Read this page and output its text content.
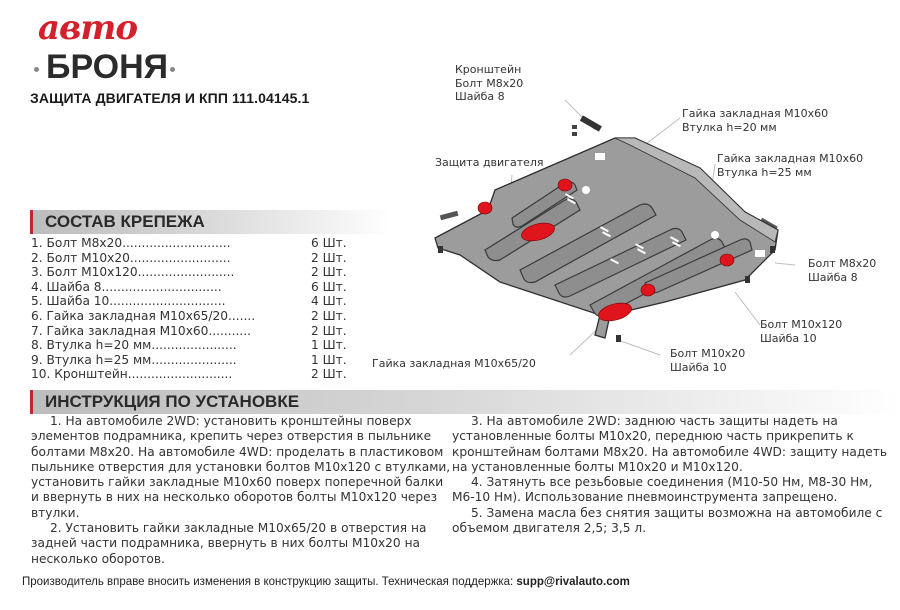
авто
БРОНЯ
ЗАЩИТА ДВИГАТЕЛЯ И КПП 111.04145.1
СОСТАВ КРЕПЕЖА
1. Болт М8х20............................	6 Шт.
2. Болт М10х20..........................	2 Шт.
3. Болт М10х120.........................	2 Шт.
4. Шайба 8...............................	6 Шт.
5. Шайба 10..............................	4 Шт.
6. Гайка закладная М10х65/20.......	2 Шт.
7. Гайка закладная М10х60...........	2 Шт.
8. Втулка h=20 мм......................	1 Шт.
9. Втулка h=25 мм......................	1 Шт.
10. Кронштейн...........................	2 Шт.
Кронштейн
Болт М8х20
Шайба 8
Защита двигателя
Гайка закладная М10х60
Втулка h=20 мм
Гайка закладная М10х60
Втулка h=25 мм
Болт М8х20
Шайба 8
Болт М10х120
Шайба 10
Болт М10х20
Шайба 10
Гайка закладная М10х65/20
ИНСТРУКЦИЯ ПО УСТАНОВКЕ

1. На автомобиле 2WD: установить кронштейны поверх элементов подрамника, крепить через отверстия в пыльнике болтами М8х20. На автомобиле 4WD: проделать в пластиковом пыльнике отверстия для установки болтов М10х120 с втулками, установить гайки закладные М10х60 поверх поперечной балки и ввернуть в них на несколько оборотов болты М10х120 через втулки.

2. Установить гайки закладные М10х65/20 в отверстия на задней части подрамника, ввернуть в них болты М10х20 на несколько оборотов.

3. На автомобиле 2WD: заднюю часть защиты надеть на установленные болты М10х20, переднюю часть прикрепить к кронштейнам болтами М8х20. На автомобиле 4WD: защиту надеть на установленные болты М10х20 и М10х120.

4. Затянуть все резьбовые соединения (М10-50 Нм, М8-30 Нм, М6-10 Нм). Использование пневмоинструмента запрещено.

5. Замена масла без снятия защиты возможна на автомобиле с объемом двигателя 2,5; 3,5 л.

Производитель вправе вносить изменения в конструкцию защиты. Техническая поддержка: supp@rivalauto.com
